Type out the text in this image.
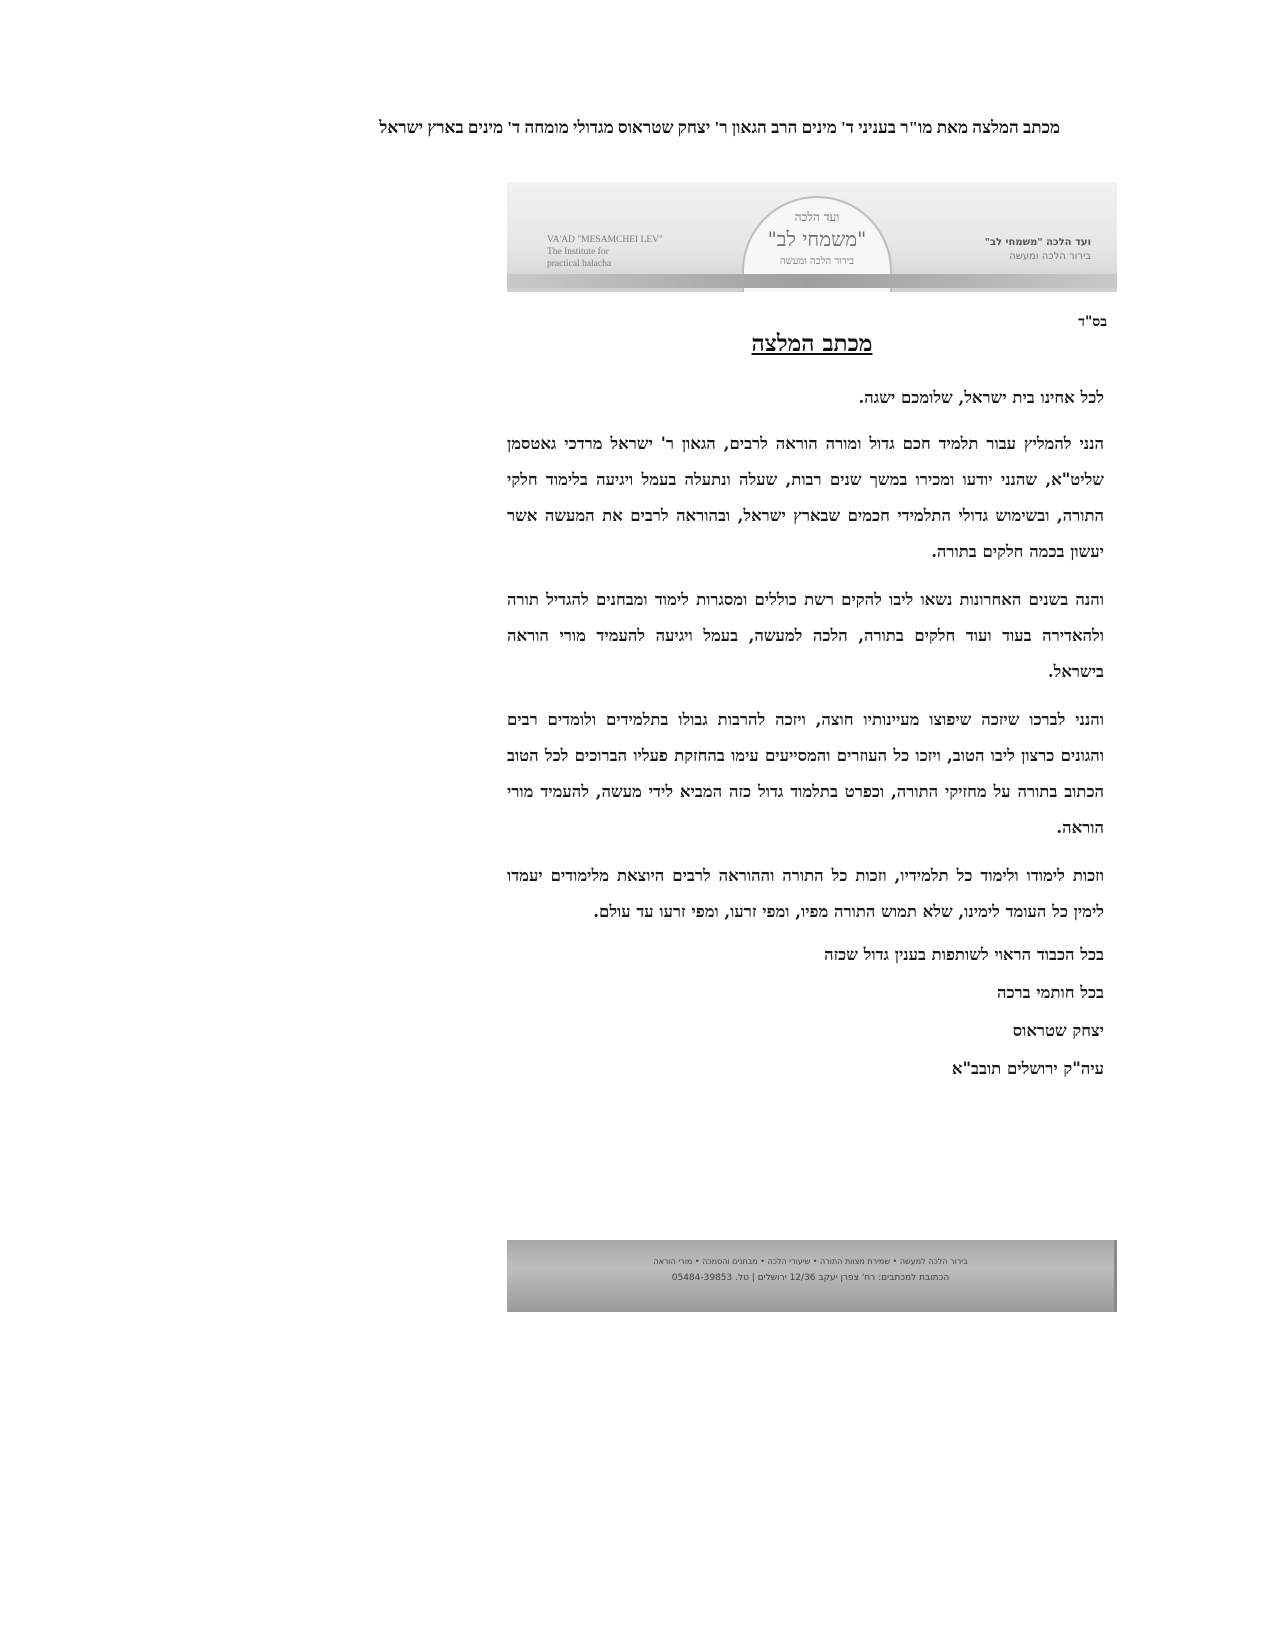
מכתב המלצה מאת מו"ר בעניני ד' מינים הרב הגאון ר' יצחק שטראוס מגדולי מומחה ד' מינים בארץ ישראל
VA'AD "MESAMCHEI LEV"
The Institute for
practical halacha
ועד הלכה
"משמחי לב"
בירור הלכה ומעשה
ועד הלכה "משמחי לב"
בירור הלכה ומעשה
בס"ד
מכתב המלצה

לכל אחינו בית ישראל, שלומכם ישגה.

הנני להמליץ עבור תלמיד חכם גדול ומורה הוראה לרבים, הגאון ר' ישראל מרדכי גאטסמן שליט"א, שהנני יודעו ומכירו במשך שנים רבות, שעלה ונתעלה בעמל ויגיעה בלימוד חלקי התורה, ובשימוש גדולי התלמידי חכמים שבארץ ישראל, ובהוראה לרבים את המעשה אשר יעשון בכמה חלקים בתורה.

והנה בשנים האחרונות נשאו ליבו להקים רשת כוללים ומסגרות לימוד ומבחנים להגדיל תורה ולהאדירה בעוד ועוד חלקים בתורה, הלכה למעשה, בעמל ויגיעה להעמיד מורי הוראה בישראל.

והנני לברכו שיזכה שיפוצו מעיינותיו חוצה, ויזכה להרבות גבולו בתלמידים ולומדים רבים והגונים כרצון ליבו הטוב, ויזכו כל העוזרים והמסייעים עימו בהחזקת פעליו הברוכים לכל הטוב הכתוב בתורה על מחזיקי התורה, וכפרט בתלמוד גדול כזה המביא לידי מעשה, להעמיד מורי הוראה.

וזכות לימודו ולימוד כל תלמידיו, וזכות כל התורה וההוראה לרבים היוצאת מלימודים יעמדו לימין כל העומד לימינו, שלא תמוש התורה מפיו, ומפי זרעו, ומפי זרעו עד עולם.

בכל הכבוד הראוי לשותפות בענין גדול שכזה

בכל חותמי ברכה

יצחק שטראוס

עיה"ק ירושלים תובב"א

בירור הלכה למעשה • שמירת מצוות התורה • שיעורי הלכה • מבחנים והסמכה • מורי הוראה
הכתובת למכתבים: רח' צפרן יעקב 12/36 ירושלים | טל. 05484-39853
